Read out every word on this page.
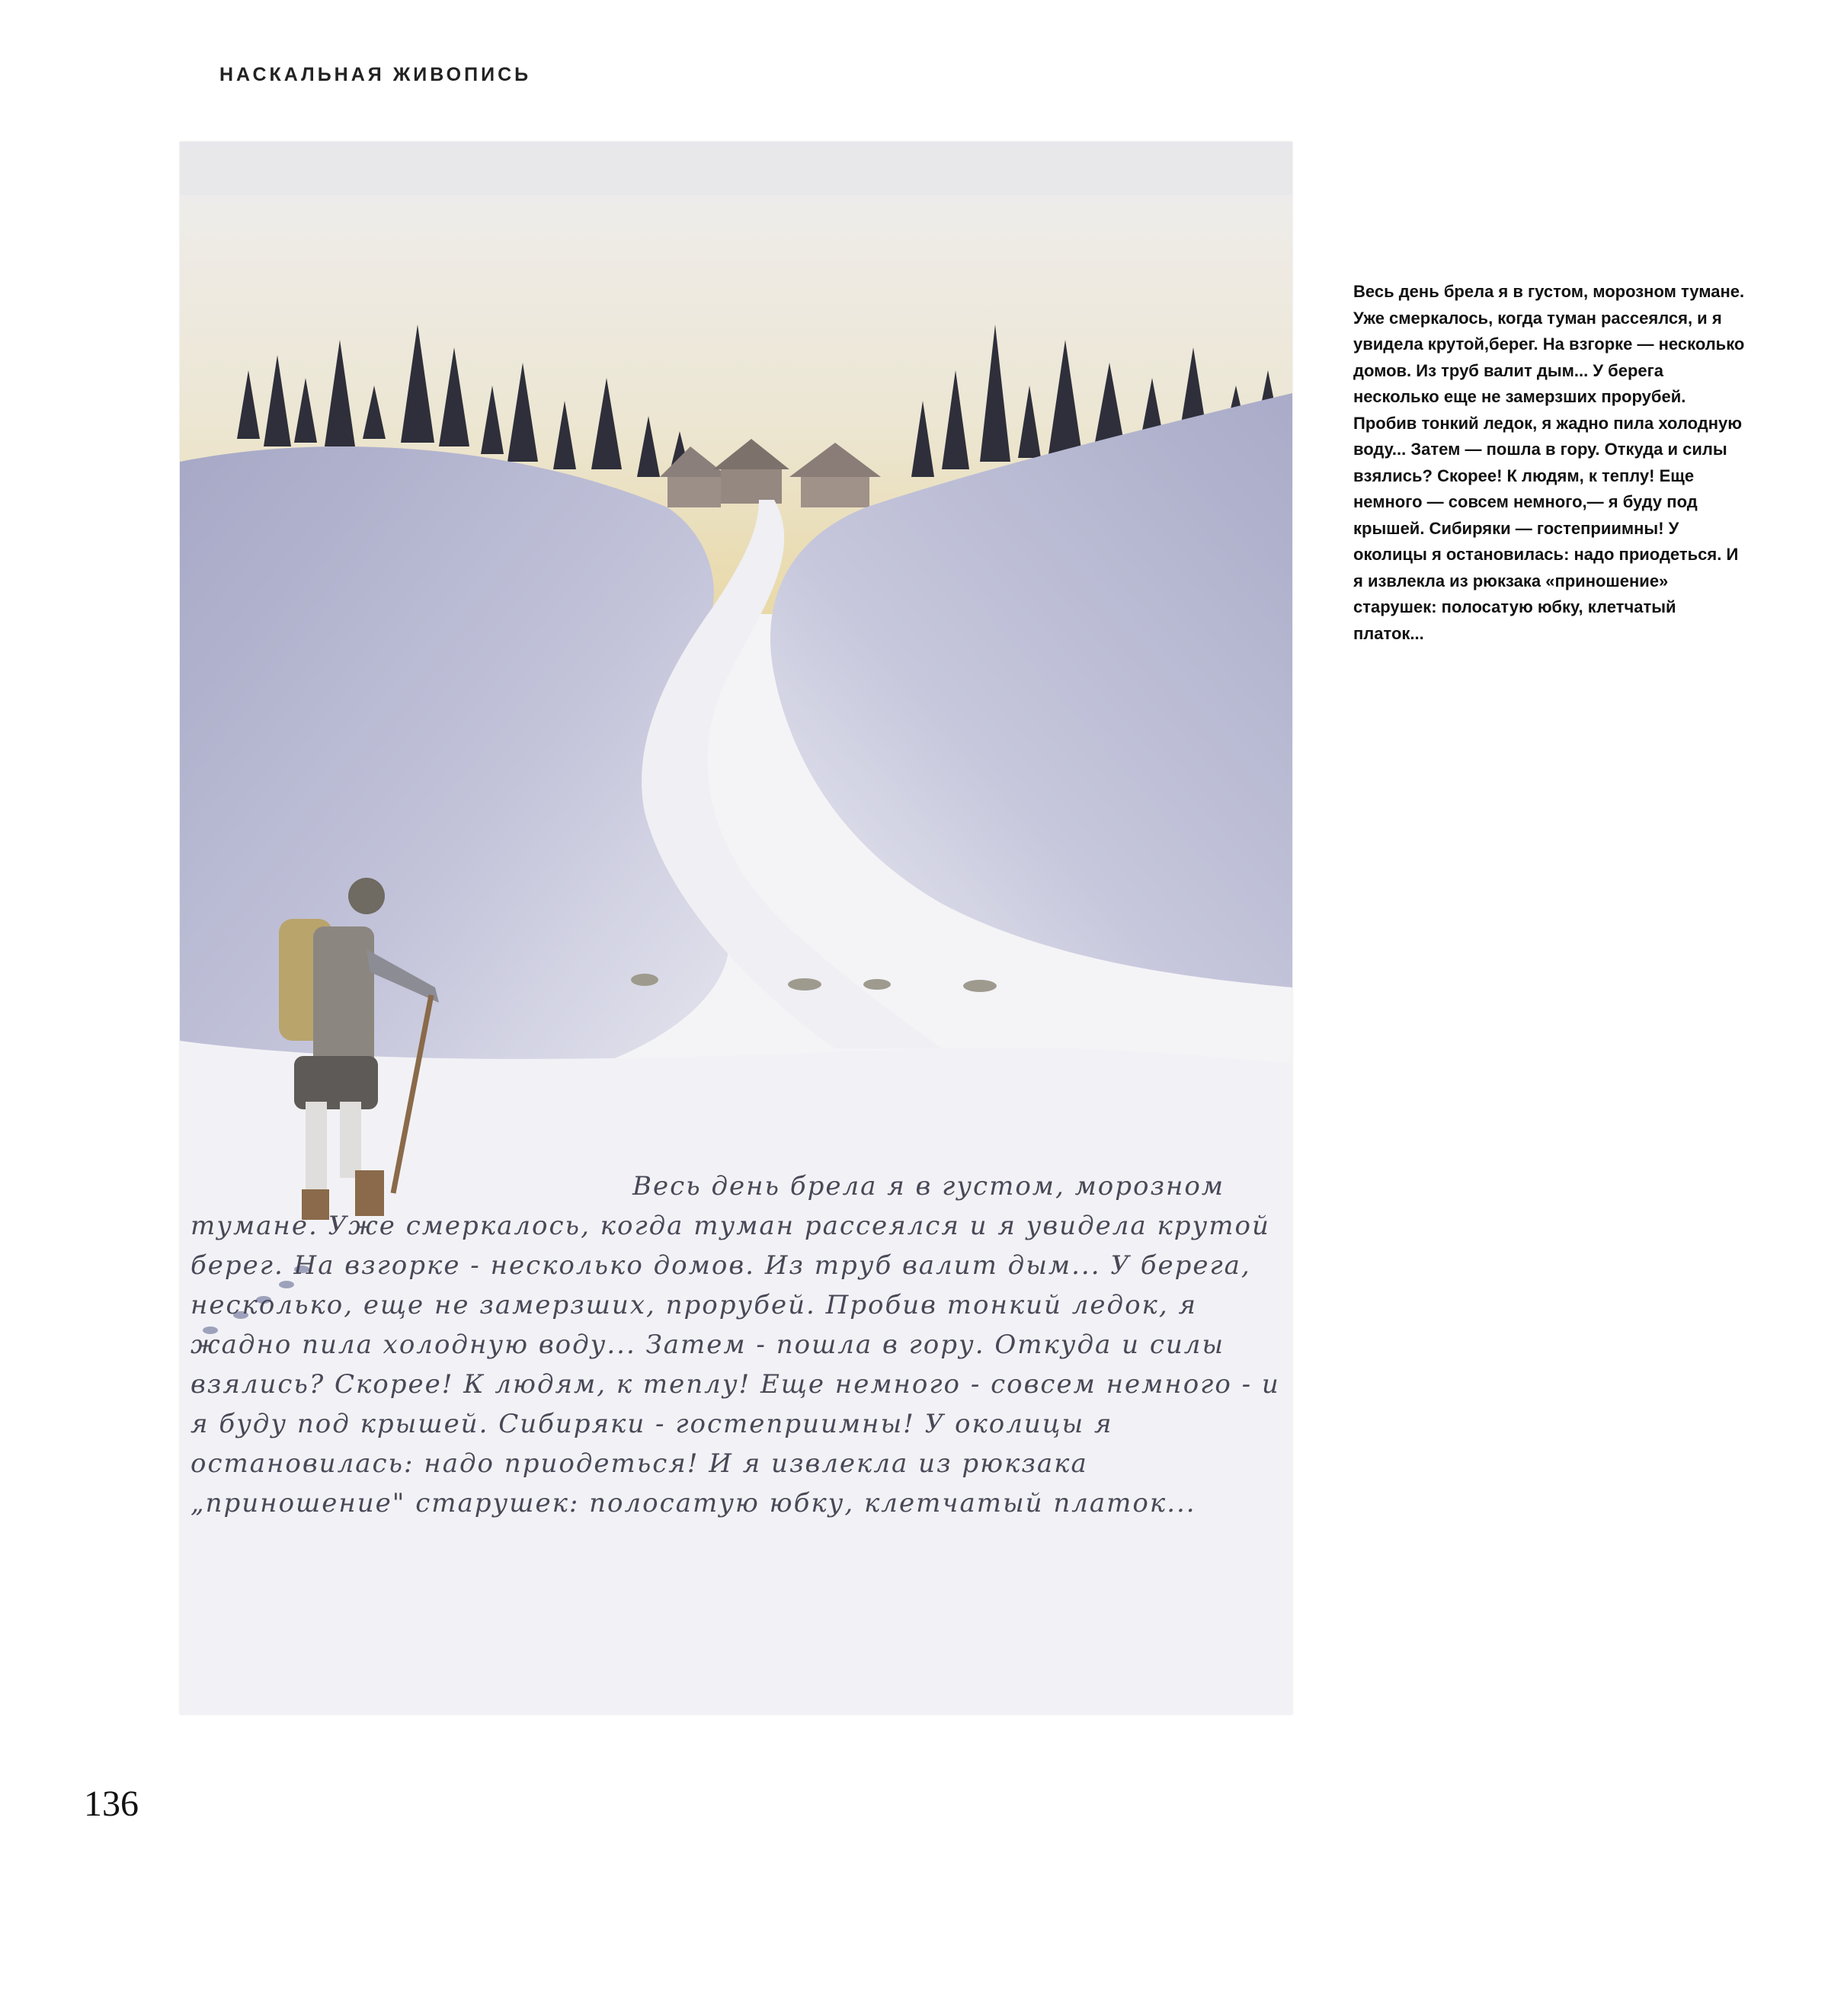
НАСКАЛЬНАЯ ЖИВОПИСЬ
Весь день брела я в густом, морозном тумане. Уже смеркалось, когда туман рассеялся и я увидела крутой берег. На взгорке - несколько домов. Из труб валит дым... У берега, несколько, еще не замерзших, прорубей. Пробив тонкий ледок, я жадно пила холодную воду... Затем - пошла в гору. Откуда и силы взялись? Скорее! К людям, к теплу! Еще немного - совсем немного - и я буду под крышей. Сибиряки - гостеприимны! У околицы я остановилась: надо приодеться! И я извлекла из рюкзака „приношение" старушек: полосатую юбку, клетчатый платок...

Весь день брела я в густом, морозном тумане. Уже смеркалось, когда туман рассеялся, и я увидела крутой,берег. На взгорке — несколько домов. Из труб валит дым... У берега несколько еще не замерзших прорубей. Пробив тонкий ледок, я жадно пила холодную воду... Затем — пошла в гору. Откуда и силы взялись? Скорее! К людям, к теплу! Еще немного — совсем немного,— я буду под крышей. Сибиряки — гостеприимны! У околицы я остановилась: надо приодеться. И я извлекла из рюкзака «приношение» старушек: полосатую юбку, клетчатый платок...

136
